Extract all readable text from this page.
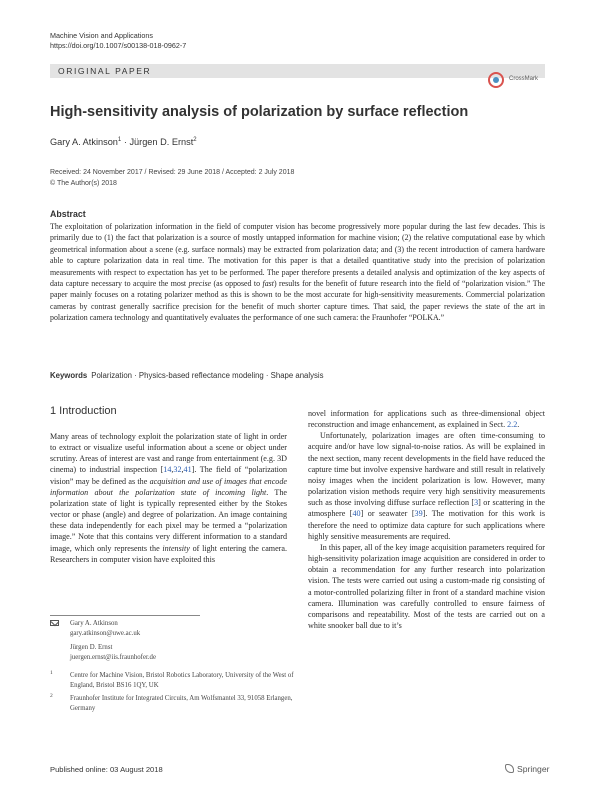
Machine Vision and Applications
https://doi.org/10.1007/s00138-018-0962-7
ORIGINAL PAPER
CrossMark
High-sensitivity analysis of polarization by surface reflection
Gary A. Atkinson$^1$ · Jürgen D. Ernst$^2$
Received: 24 November 2017 / Revised: 29 June 2018 / Accepted: 2 July 2018
© The Author(s) 2018
Abstract
The exploitation of polarization information in the field of computer vision has become progressively more popular during the last few decades. This is primarily due to (1) the fact that polarization is a source of mostly untapped information for machine vision; (2) the relative computational ease by which geometrical information about a scene (e.g. surface normals) may be extracted from polarization data; and (3) the recent introduction of camera hardware able to capture polarization data in real time. The motivation for this paper is that a detailed quantitative study into the precision of polarization measurements with respect to expectation has yet to be performed. The paper therefore presents a detailed analysis and optimization of the key aspects of data capture necessary to acquire the most precise (as opposed to fast) results for the benefit of future research into the field of “polarization vision.” The paper mainly focuses on a rotating polarizer method as this is shown to be the most accurate for high-sensitivity measurements. Commercial polarization cameras by contrast generally sacrifice precision for the benefit of much shorter capture times. That said, the paper reviews the state of the art in polarization camera technology and quantitatively evaluates the performance of one such camera: the Fraunhofer “POLKA.”
Keywords Polarization · Physics-based reflectance modeling · Shape analysis
1 Introduction

Many areas of technology exploit the polarization state of light in order to extract or visualize useful information about a scene or object under scrutiny. Areas of interest are vast and range from entertainment (e.g. 3D cinema) to industrial inspection [14,32,41]. The field of “polarization vision” may be defined as the acquisition and use of images that encode information about the polarization state of incoming light. The polarization state of light is typically represented either by the Stokes vector or phase (angle) and degree of polarization. An image containing these data independently for each pixel may be termed a “polarization image.” Note that this contains very different information to a standard image, which only represents the intensity of light entering the camera. Researchers in computer vision have exploited this

novel information for applications such as three-dimensional object reconstruction and image enhancement, as explained in Sect. 2.2.

Unfortunately, polarization images are often time-consuming to acquire and/or have low signal-to-noise ratios. As will be explained in the next section, many recent developments in the field have reduced the capture time but involve expensive hardware and still result in relatively noisy images when the incident polarization is low. However, many polarization vision methods require very high sensitivity measurements such as those involving diffuse surface reflection [3] or scattering in the atmosphere [40] or seawater [39]. The motivation for this work is therefore the need to optimize data capture for such applications where highly sensitive measurements are required.

In this paper, all of the key image acquisition parameters required for high-sensitivity polarization image acquisition are considered in order to obtain a recommendation for any further research into polarization vision. The tests were carried out using a custom-made rig consisting of a motor-controlled polarizing filter in front of a standard machine vision camera. Illumination was carefully controlled to ensure fairness of comparisons and repeatability. Most of the tests are carried out on a white snooker ball due to it’s

Gary A. Atkinson
gary.atkinson@uwe.ac.uk
Jürgen D. Ernst
juergen.ernst@iis.fraunhofer.de
1	Centre for Machine Vision, Bristol Robotics Laboratory, University of the West of England, Bristol BS16 1QY, UK
2	Fraunhofer Institute for Integrated Circuits, Am Wolfsmantel 33, 91058 Erlangen, Germany
Published online: 03 August 2018	Springer
